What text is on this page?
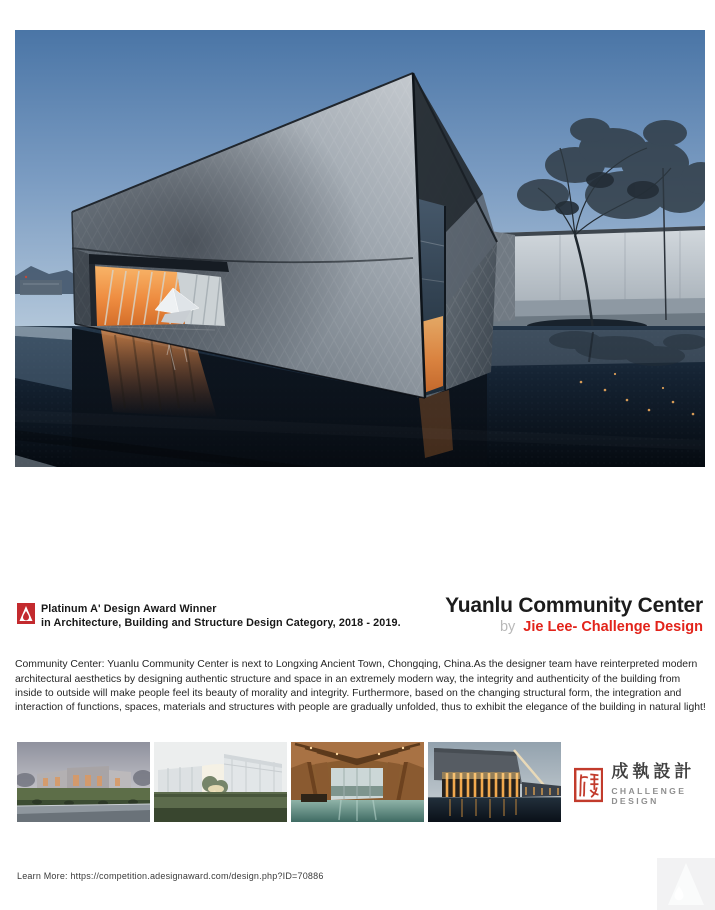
Platinum A' Design Award Winner
in Architecture, Building and Structure Design Category, 2018 - 2019.
Yuanlu Community Center
by Jie Lee- Challenge Design

Community Center: Yuanlu Community Center is next to Longxing Ancient Town, Chongqing, China.As the designer team have reinterpreted modern architectural aesthetics by designing authentic structure and space in an extremely modern way, the integrity and authenticity of the building from inside to outside will make people feel its beauty of morality and integrity. Furthermore, based on the changing structural form, the integration and interaction of functions, spaces, materials and structures with people are gradually unfolded, thus to exhibit the elegance of the building in natural light!

成執設計
CHALLENGE DESIGN
Learn More: https://competition.adesignaward.com/design.php?ID=70886
